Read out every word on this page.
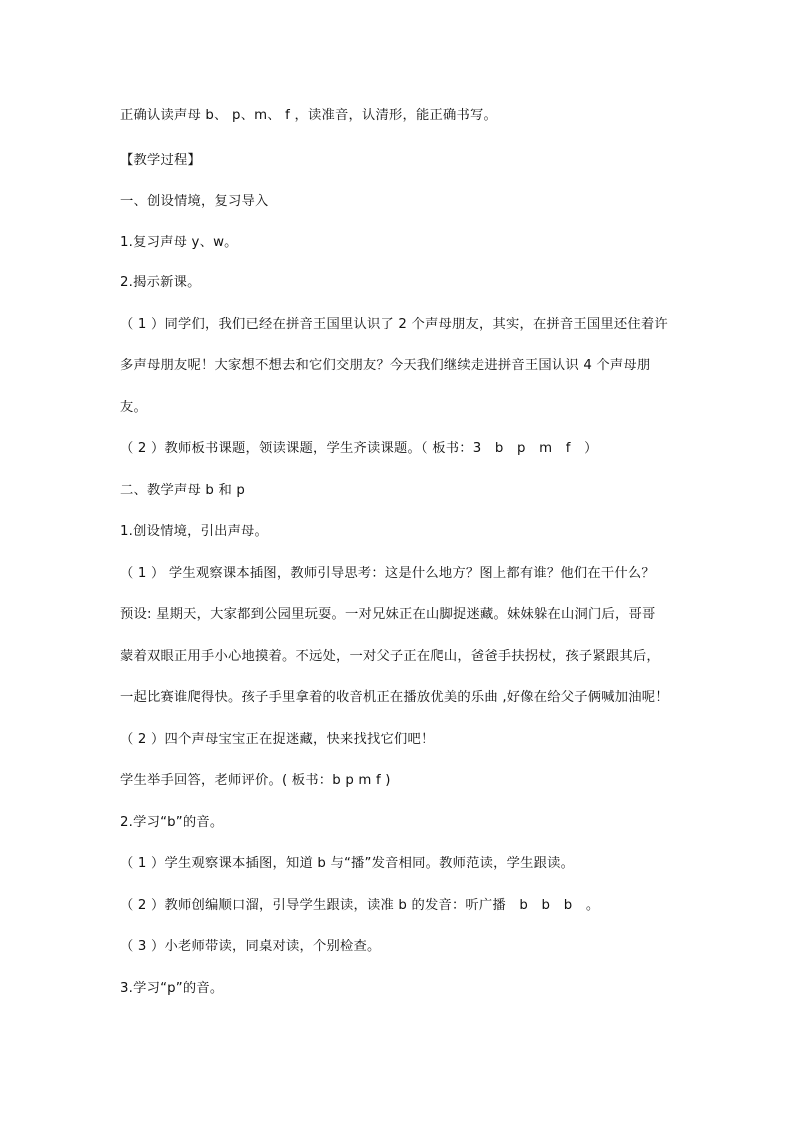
正确认读声母 b、 p、m、 f ，读准音，认清形，能正确书写。
【教学过程】
一、创设情境，复习导入
1.复习声母 y、w。
2.揭示新课。
（ 1 ）同学们，我们已经在拼音王国里认识了 2 个声母朋友，其实，在拼音王国里还住着许
多声母朋友呢！大家想不想去和它们交朋友？今天我们继续走进拼音王国认识 4 个声母朋
友。
（ 2 ）教师板书课题，领读课题，学生齐读课题。（ 板书：3　b　p　m　f　）
二、教学声母 b 和 p
1.创设情境，引出声母。
（ 1 ） 学生观察课本插图，教师引导思考：这是什么地方？图上都有谁？他们在干什么？
预设: 星期天，大家都到公园里玩耍。一对兄妹正在山脚捉迷藏。妹妹躲在山洞门后，哥哥
蒙着双眼正用手小心地摸着。不远处，一对父子正在爬山，爸爸手扶拐杖，孩子紧跟其后，
一起比赛谁爬得快。孩子手里拿着的收音机正在播放优美的乐曲 ,好像在给父子俩喊加油呢！
（ 2 ）四个声母宝宝正在捉迷藏，快来找找它们吧！
学生举手回答，老师评价。( 板书：b p m f )
2.学习“b”的音。
（ 1 ）学生观察课本插图，知道 b 与“播”发音相同。教师范读，学生跟读。
（ 2 ）教师创编顺口溜，引导学生跟读，读准 b 的发音：听广播　b　b　b　。
（ 3 ）小老师带读，同桌对读，个别检查。
3.学习“p”的音。
